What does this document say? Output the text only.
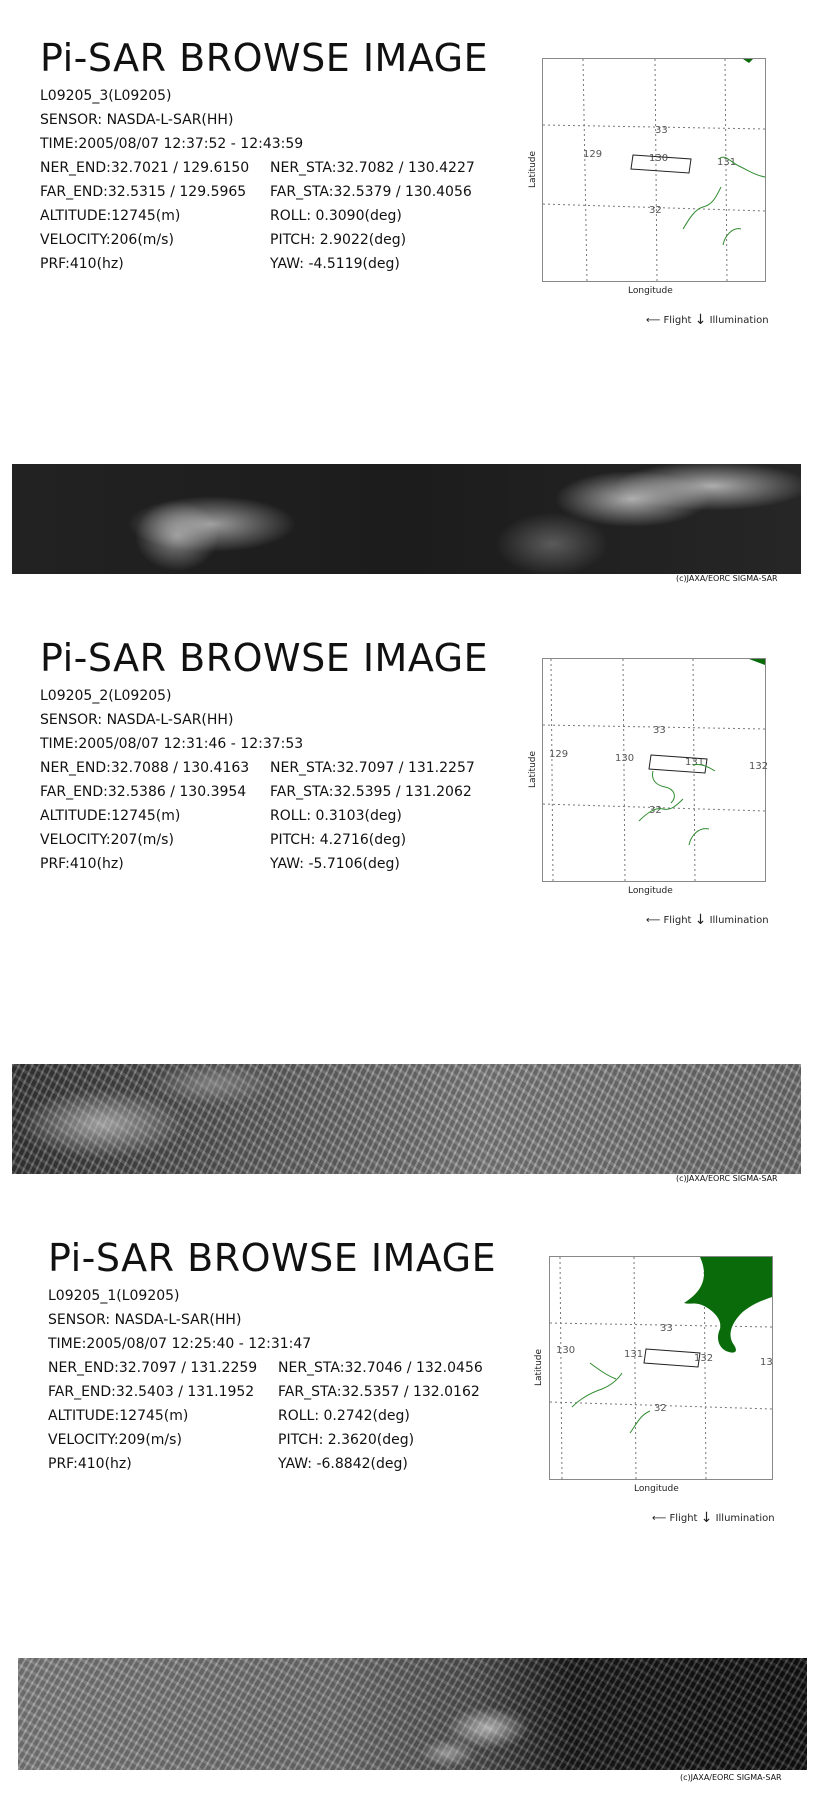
Pi-SAR BROWSE IMAGE
L09205_3(L09205)
SENSOR: NASDA-L-SAR(HH)
TIME:2005/08/07 12:37:52 - 12:43:59
NER_END:32.7021 / 129.6150 NER_STA:32.7082 / 130.4227
FAR_END:32.5315 / 129.5965 FAR_STA:32.5379 / 130.4056
ALTITUDE:12745(m)	ROLL: 0.3090(deg)
VELOCITY:206(m/s)	PITCH: 2.9022(deg)
PRF:410(hz)	YAW: -4.5119(deg)
33
32
129	130	131
Latitude
Longitude
⟵ Flight ↓ Illumination
(c)JAXA/EORC SIGMA-SAR
Pi-SAR BROWSE IMAGE
L09205_2(L09205)
SENSOR: NASDA-L-SAR(HH)
TIME:2005/08/07 12:31:46 - 12:37:53
NER_END:32.7088 / 130.4163 NER_STA:32.7097 / 131.2257
FAR_END:32.5386 / 130.3954 FAR_STA:32.5395 / 131.2062
ALTITUDE:12745(m)	ROLL: 0.3103(deg)
VELOCITY:207(m/s)	PITCH: 4.2716(deg)
PRF:410(hz)	YAW: -5.7106(deg)
33
32
129	130	131	132
Latitude
Longitude
⟵ Flight ↓ Illumination
(c)JAXA/EORC SIGMA-SAR
Pi-SAR BROWSE IMAGE
L09205_1(L09205)
SENSOR: NASDA-L-SAR(HH)
TIME:2005/08/07 12:25:40 - 12:31:47
NER_END:32.7097 / 131.2259 NER_STA:32.7046 / 132.0456
FAR_END:32.5403 / 131.1952 FAR_STA:32.5357 / 132.0162
ALTITUDE:12745(m)	ROLL: 0.2742(deg)
VELOCITY:209(m/s)	PITCH: 2.3620(deg)
PRF:410(hz)	YAW: -6.8842(deg)
33
32
130	131	132	13
Latitude
Longitude
⟵ Flight ↓ Illumination
(c)JAXA/EORC SIGMA-SAR
